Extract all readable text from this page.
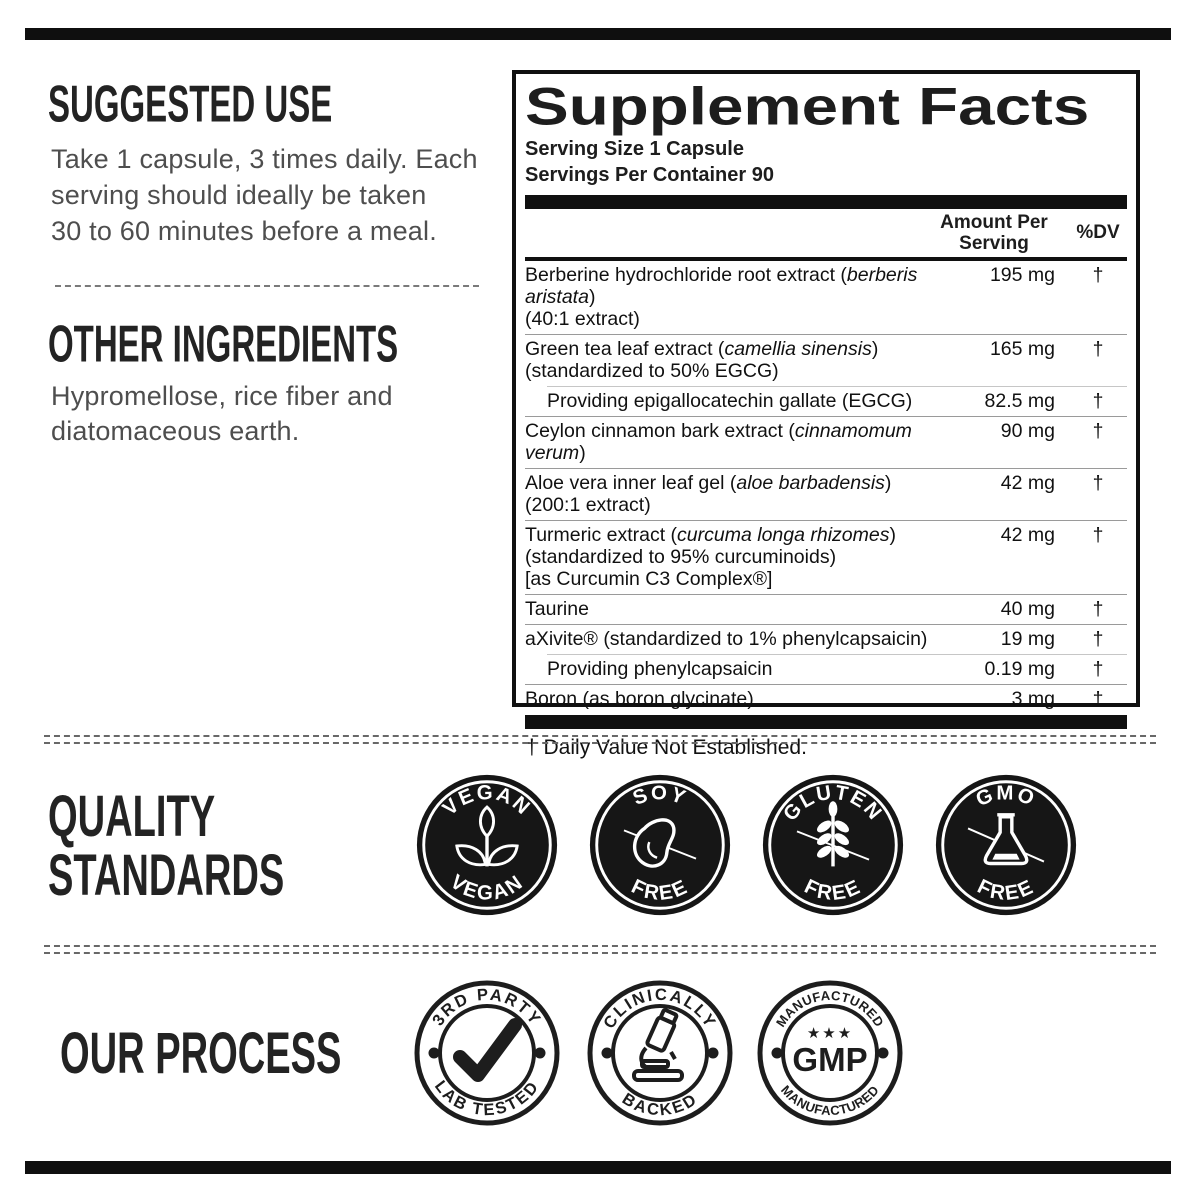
SUGGESTED USE
Take 1 capsule, 3 times daily. Each
serving should ideally be taken
30 to 60 minutes before a meal.
OTHER INGREDIENTS
Hypromellose, rice fiber and
diatomaceous earth.
Supplement Facts
Serving Size 1 Capsule
Servings Per Container 90
Amount Per
Serving
%DV
Berberine hydrochloride root extract (berberis aristata)
(40:1 extract)
195 mg	†
Green tea leaf extract (camellia sinensis)
(standardized to 50% EGCG)
165 mg	†
Providing epigallocatechin gallate (EGCG)	82.5 mg	†
Ceylon cinnamon bark extract (cinnamomum verum)
90 mg	†
Aloe vera inner leaf gel (aloe barbadensis) (200:1 extract)
42 mg	†
Turmeric extract (curcuma longa rhizomes)
(standardized to 95% curcuminoids)
[as Curcumin C3 Complex®]
42 mg	†
Taurine	40 mg	†
aXivite® (standardized to 1% phenylcapsaicin)	19 mg	†
Providing phenylcapsaicin	0.19 mg	†
Boron (as boron glycinate)	3 mg	†
† Daily Value Not Established.
QUALITY
STANDARDS
VEGAN
VEGAN
SOY
FREE
GLUTEN
FREE
GMO
FREE
OUR PROCESS
3RD PARTY
LAB TESTED
CLINICALLY
BACKED
★★★
GMP
MANUFACTURED
MANUFACTURED
